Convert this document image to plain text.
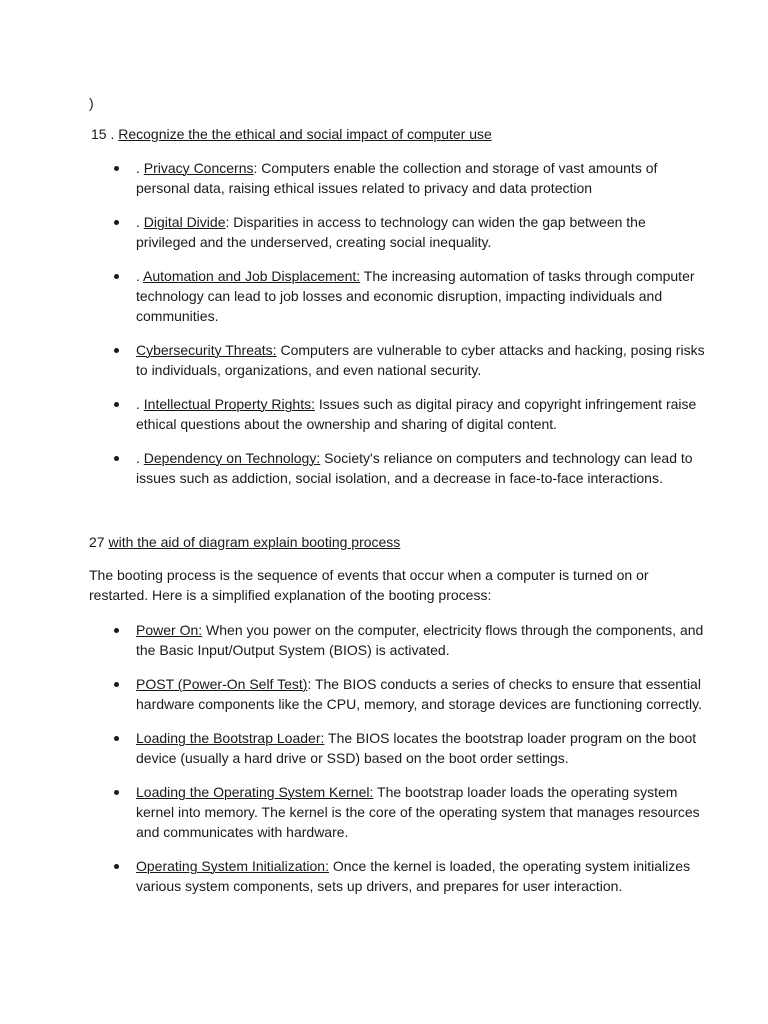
)
15 . Recognize the the ethical and social impact of computer use
. Privacy Concerns: Computers enable the collection and storage of vast amounts of personal data, raising ethical issues related to privacy and data protection
. Digital Divide: Disparities in access to technology can widen the gap between the privileged and the underserved, creating social inequality.
. Automation and Job Displacement: The increasing automation of tasks through computer technology can lead to job losses and economic disruption, impacting individuals and communities.
Cybersecurity Threats: Computers are vulnerable to cyber attacks and hacking, posing risks to individuals, organizations, and even national security.
. Intellectual Property Rights: Issues such as digital piracy and copyright infringement raise ethical questions about the ownership and sharing of digital content.
. Dependency on Technology: Society's reliance on computers and technology can lead to issues such as addiction, social isolation, and a decrease in face-to-face interactions.
27 with the aid of diagram explain booting process
The booting process is the sequence of events that occur when a computer is turned on or restarted. Here is a simplified explanation of the booting process:
Power On: When you power on the computer, electricity flows through the components, and the Basic Input/Output System (BIOS) is activated.
POST (Power-On Self Test): The BIOS conducts a series of checks to ensure that essential hardware components like the CPU, memory, and storage devices are functioning correctly.
Loading the Bootstrap Loader: The BIOS locates the bootstrap loader program on the boot device (usually a hard drive or SSD) based on the boot order settings.
Loading the Operating System Kernel: The bootstrap loader loads the operating system kernel into memory. The kernel is the core of the operating system that manages resources and communicates with hardware.
Operating System Initialization: Once the kernel is loaded, the operating system initializes various system components, sets up drivers, and prepares for user interaction.
